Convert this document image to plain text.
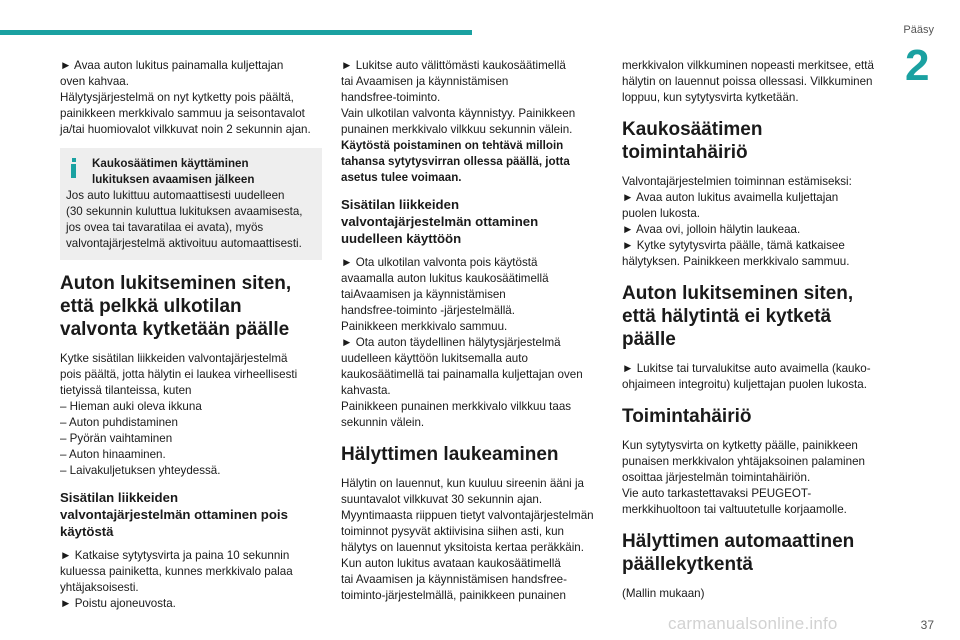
Pääsy
2
► Avaa auton lukitus painamalla kuljettajan
oven kahvaa.
Hälytysjärjestelmä on nyt kytketty pois päältä,
painikkeen merkkivalo sammuu ja seisontavalot
ja/tai huomiovalot vilkkuvat noin 2 sekunnin ajan.
Kaukosäätimen käyttäminen
lukituksen avaamisen jälkeen
Jos auto lukittuu automaattisesti uudelleen
(30 sekunnin kuluttua lukituksen avaamisesta,
jos ovea tai tavaratilaa ei avata), myös
valvontajärjestelmä aktivoituu automaattisesti.
Auton lukitseminen siten,
että pelkkä ulkotilan
valvonta kytketään päälle
Kytke sisätilan liikkeiden valvontajärjestelmä
pois päältä, jotta hälytin ei laukea virheellisesti
tietyissä tilanteissa, kuten
– Hieman auki oleva ikkuna
– Auton puhdistaminen
– Pyörän vaihtaminen
– Auton hinaaminen.
– Laivakuljetuksen yhteydessä.
Sisätilan liikkeiden
valvontajärjestelmän ottaminen pois
käytöstä
► Katkaise sytytysvirta ja paina 10 sekunnin
kuluessa painiketta, kunnes merkkivalo palaa
yhtäjaksoisesti.
► Poistu ajoneuvosta.
► Lukitse auto välittömästi kaukosäätimellä
tai Avaamisen ja käynnistämisen
handsfree-toiminto.
Vain ulkotilan valvonta käynnistyy. Painikkeen
punainen merkkivalo vilkkuu sekunnin välein.
Käytöstä poistaminen on tehtävä milloin
tahansa sytytysvirran ollessa päällä, jotta
asetus tulee voimaan.
Sisätilan liikkeiden
valvontajärjestelmän ottaminen
uudelleen käyttöön
► Ota ulkotilan valvonta pois käytöstä
avaamalla auton lukitus kaukosäätimellä
taiAvaamisen ja käynnistämisen
handsfree-toiminto -järjestelmällä.
Painikkeen merkkivalo sammuu.
► Ota auton täydellinen hälytysjärjestelmä
uudelleen käyttöön lukitsemalla auto
kaukosäätimellä tai painamalla kuljettajan oven
kahvasta.
Painikkeen punainen merkkivalo vilkkuu taas
sekunnin välein.
Hälyttimen laukeaminen
Hälytin on lauennut, kun kuuluu sireenin ääni ja
suuntavalot vilkkuvat 30 sekunnin ajan.
Myyntimaasta riippuen tietyt valvontajärjestelmän
toiminnot pysyvät aktiivisina siihen asti, kun
hälytys on lauennut yksitoista kertaa peräkkäin.
Kun auton lukitus avataan kaukosäätimellä
tai Avaamisen ja käynnistämisen handsfree-
toiminto-järjestelmällä, painikkeen punainen
merkkivalon vilkkuminen nopeasti merkitsee, että
hälytin on lauennut poissa ollessasi. Vilkkuminen
loppuu, kun sytytysvirta kytketään.
Kaukosäätimen
toimintahäiriö
Valvontajärjestelmien toiminnan estämiseksi:
► Avaa auton lukitus avaimella kuljettajan
puolen lukosta.
► Avaa ovi, jolloin hälytin laukeaa.
► Kytke sytytysvirta päälle, tämä katkaisee
hälytyksen. Painikkeen merkkivalo sammuu.
Auton lukitseminen siten,
että hälytintä ei kytketä
päälle
► Lukitse tai turvalukitse auto avaimella (kauko-
ohjaimeen integroitu) kuljettajan puolen lukosta.
Toimintahäiriö
Kun sytytysvirta on kytketty päälle, painikkeen
punaisen merkkivalon yhtäjaksoinen palaminen
osoittaa järjestelmän toimintahäiriön.
Vie auto tarkastettavaksi PEUGEOT-
merkkihuoltoon tai valtuutetulle korjaamolle.
Hälyttimen automaattinen
päällekytkentä
(Mallin mukaan)
carmanualsonline.info	37
